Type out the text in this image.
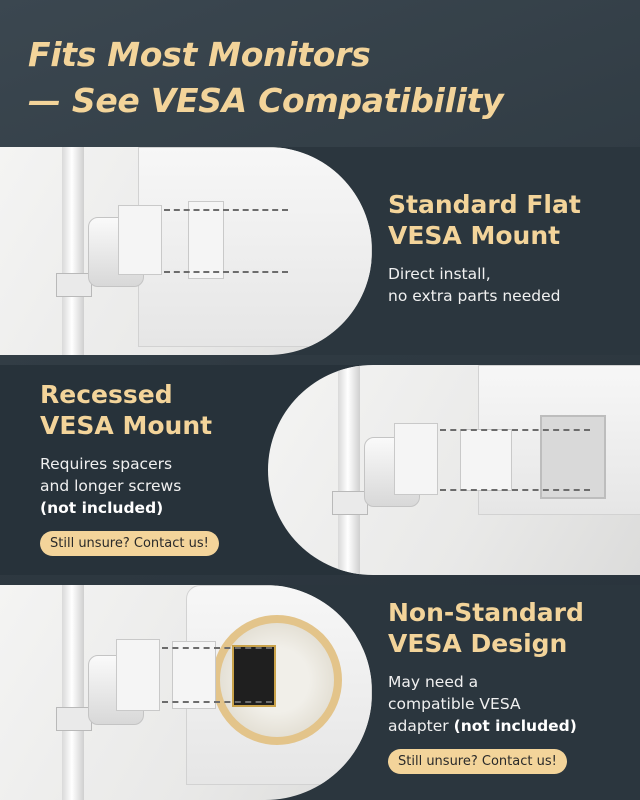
Fits Most Monitors
— See VESA Compatibility
Standard Flat
VESA Mount
Direct install,
no extra parts needed
Recessed
VESA Mount
Requires spacers
and longer screws
(not included)
Still unsure? Contact us!
Non-Standard
VESA Design
May need a
compatible VESA
adapter (not included)
Still unsure? Contact us!
